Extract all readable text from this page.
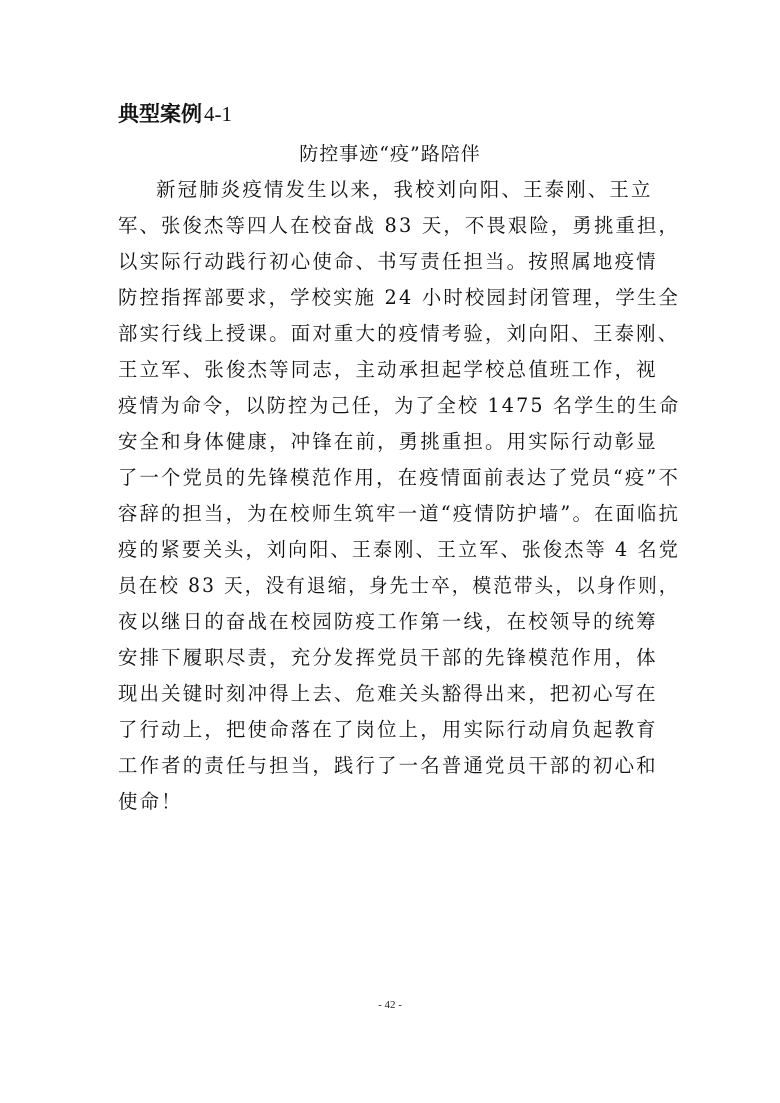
典型案例4-1
防控事迹“疫”路陪伴
新冠肺炎疫情发生以来，我校刘向阳、王泰刚、王立
军、张俊杰等四人在校奋战 83 天，不畏艰险，勇挑重担，
以实际行动践行初心使命、书写责任担当。按照属地疫情
防控指挥部要求，学校实施 24 小时校园封闭管理，学生全
部实行线上授课。面对重大的疫情考验，刘向阳、王泰刚、
王立军、张俊杰等同志，主动承担起学校总值班工作，视
疫情为命令，以防控为己任，为了全校 1475 名学生的生命
安全和身体健康，冲锋在前，勇挑重担。用实际行动彰显
了一个党员的先锋模范作用，在疫情面前表达了党员“疫”不
容辞的担当，为在校师生筑牢一道“疫情防护墙”。在面临抗
疫的紧要关头，刘向阳、王泰刚、王立军、张俊杰等 4 名党
员在校 83 天，没有退缩，身先士卒，模范带头，以身作则，
夜以继日的奋战在校园防疫工作第一线，在校领导的统筹
安排下履职尽责，充分发挥党员干部的先锋模范作用，体
现出关键时刻冲得上去、危难关头豁得出来，把初心写在
了行动上，把使命落在了岗位上，用实际行动肩负起教育
工作者的责任与担当，践行了一名普通党员干部的初心和
使命！
- 42 -
